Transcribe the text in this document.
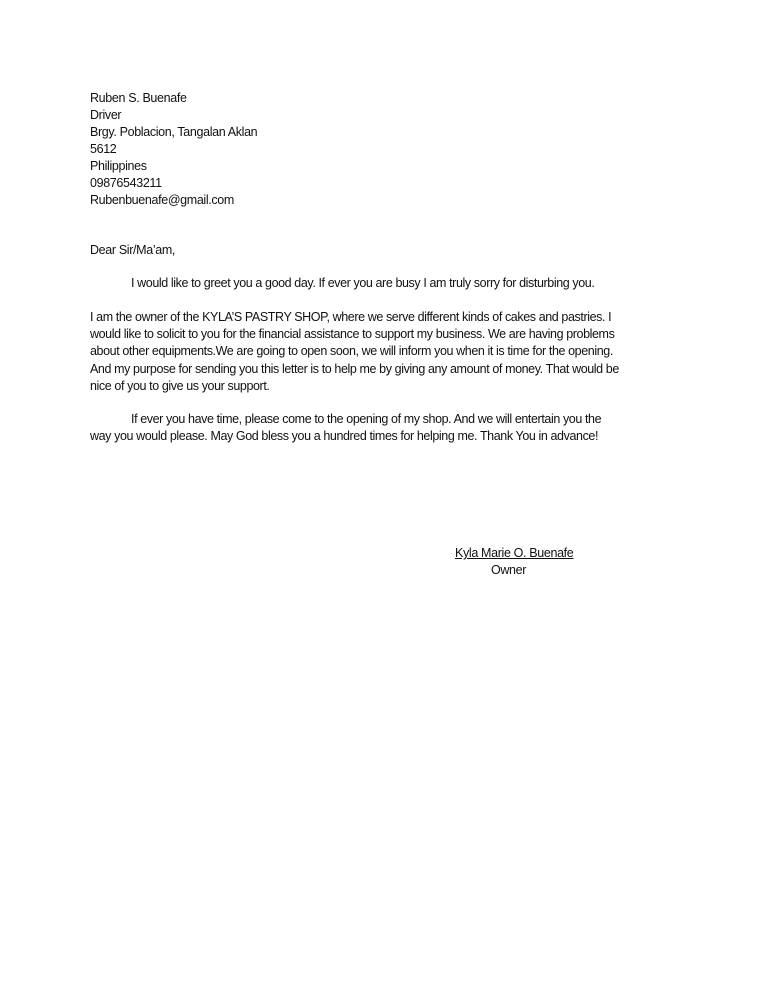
Ruben S. Buenafe
Driver
Brgy. Poblacion, Tangalan Aklan
5612
Philippines
09876543211
Rubenbuenafe@gmail.com
Dear Sir/Ma’am,

I would like to greet you a good day. If ever you are busy I am truly sorry for disturbing you.

I am the owner of the KYLA’S PASTRY SHOP, where we serve different kinds of cakes and pastries. I
would like to solicit to you for the financial assistance to support my business. We are having problems
about other equipments.We are going to open soon, we will inform you when it is time for the opening.
And my purpose for sending you this letter is to help me by giving any amount of money. That would be
nice of you to give us your support.

If ever you have time, please come to the opening of my shop. And we will entertain you the
way you would please. May God bless you a hundred times for helping me. Thank You in advance!

Kyla Marie O. Buenafe
Owner
